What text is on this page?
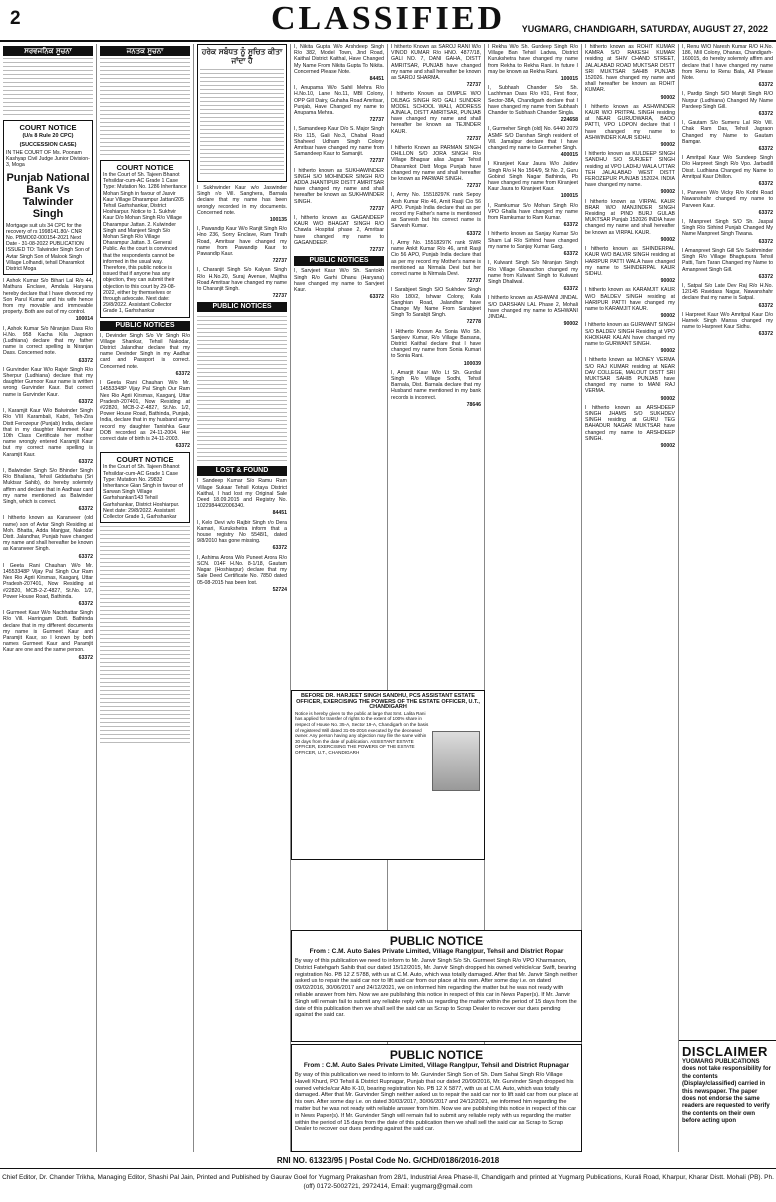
2	CLASSIFIED	YUGMARG, CHANDIGARH, SATURDAY, AUGUST 27, 2022
ਸਰਵਜਨਿਕ ਸੂਚਨਾ
COURT NOTICE
(U/s 8 Rule 20 CPC) (SUCCESSION CASE)
IN THE COURT OF Ms. Poonam Kashyap Civil Judge Junior Division-3, Moga
Punjab National Bank Vs Talwinder Singh
Mortgage suit u/s 34 CPC for the recovery of rs 1998141.80/- CNR No. PBMO02-000154-2021 Next Date - 31-08-2022 PUBLICATION ISSUED TO: Talwinder Singh Son of Avtar Singh Son of Malook Singh Village Lolhandi, tehsil Dharamkot District Moga
I Ashok Kumar S/o Bihari Lal R/o 44, Mathura Enclave, Amdala Haryana hereby declare that I have divorced my Son Parul Kumar and his wife hence from my movable and immovable property. Both are out of my control.
100014
I, Ashok Kumar S/o Niranjan Dass R/o H.No. 958 Kacha Kila Jagraon (Ludhiana) declare that my father name is correct spelling is Niranjan Dass. Concerned note.
63372
I Gurvinder Kaur W/o Rajvir Singh R/o Sherpur (Ludhiana) declare that my daughter Gurnoor Kaur name is written wrong Gurvinder Kaur. But correct name is Gurvinder Kaur.
63372
I, Karamjit Kaur W/o Balwinder Singh R/o VIII Karambali, Kabri, Teh-Zira Distt Ferozepur (Punjab) India, declare that in my daughter Manmeet Kaur 10th Class Certificate her mother name wrongly entered Karamjit Kaur but my correct name spelling is Karamjit Kaur.
63372
I, Balwinder Singh S/o Bhinder Singh R/o Bhaliana, Tehsil Giddarbaha (Sri Muktsar Sahib), do hereby solemnly affirm and declare that in Aadhaar card my name mentioned as Balwinder Singh, which is correct.
63372
I hitherto known as Karanveer (old name) son of Avtar Singh Residing at Moh. Bhatta, Adda Manjgar, Nakodar Distt. Jalandhar, Punjab have changed my name and shall hereafter be known as Karanveer Singh.
63372
I Geeta Rani Chauhan W/o Mr. 14553348P Vijay Pal Singh Our Ram Nex Rio Agrii Kirsmas, Kasganj, Uttar Pradesh-207401, Now Residing at #22820, MCB-2-Z-4827, St.No. 1/2, Power House Road, Bathinda.
63372
I Gurmeet Kaur W/o Nachhattar Singh R/o Vill. Harringam Distt. Bathinda declare that in my different documents my name is Gurmeet Kaur and Paramjit Kaur, so I known by both names Gurmeet Kaur and Paramjit Kaur are one and the same person.
63372
ਜਨਤਕ ਸੂਚਨਾ
COURT NOTICE
In the Court of Sh. Tajeen Bhanot Tehsildar-cum-AC Grade 1 Case Type: Mutation No. 1286 Inheritance Mohan Singh in favour of Jasvir Kaur Village Dharampur Jattan/205 Tehsil Garhshankar, District Hoshiarpur. Notice to 1. Sukhvir Kaur D/o Mohan Singh R/o Village Dharampur Jattan. 2. Kulwinder Singh and Manjeet Singh S/o Mohan Singh R/o Village Dharampur Jattan. 3. General Public. As the court is convinced that the respondents cannot be informed in the usual way. Therefore, this public notice is issued that if anyone has any objection, they can submit their objection to this court by 29-08-2022, either by themselves or through advocate. Next date: 29/8/2022. Assistant Collector Grade 1, Garhshankar
PUBLIC NOTICES
I, Devinder Singh S/o Vir Singh R/o Village Shankar, Tehsil Nakodar, District Jalandhar declare that my name Devinder Singh in my Aadhar card and Passport is correct. Concerned note.
63372
I Geeta Rani Chauhan W/o Mr. 14553348P Vijay Pal Singh Our Ram Nex Rio Agrii Kirsmas, Kasganj, Uttar Pradesh-207401, Now Residing at #22820, MCB-2-Z-4827, St.No. 1/2, Power House Road, Bathinda, Punjab, India, declare that in my husband army record my daughter Tanishka Gaur DOB recorded as 24-11-2004. Her correct date of birth is 24-11-2003.
63372
COURT NOTICE
In the Court of Sh. Tajeen Bhanot Tehsildar-cum-AC Grade 1 Case Type: Mutation No. 29832 Inheritance Gian Singh in favour of Sarwan Singh Village Garhshankar/143 Tehsil Garhshankar, District Hoshiarpur. Next date: 29/8/2022. Assistant Collector Grade 1, Garhshankar
ਹਰੇਕ ਸਬੰਧਤ ਨੂੰ ਸੂਚਿਤ ਕੀਤਾ ਜਾਂਦਾ ਹੈ
I Sukhwinder Kaur w/o Jaswinder Singh r/o Vill. Sanghera, Barnala declare that my name has been wrongly recorded in my documents. Concerned note.
100135
I, Pawandip Kaur W/o Ranjit Singh R/o Hno 236, Sorry Enclave, Ram Tirath Road, Amritsar have changed my name from Pawandip Kaur to Pawandip Kaur.
72737
I, Charanjit Singh S/o Kalyan Singh R/o H.No.20, Suraj Avenue, Majitha Road Amritsar have changed my name to Charanjit Singh.
72737
PUBLIC NOTICES
LOST & FOUND
I Sandeep Kumar S/o Ramu Ram Village Sukaar Tehsil Kotaya District Kaithal, I had lost my Original Sale Deed 18.09.2015 and Registry No. 1022984402006340.
84451
I, Kelo Devi w/o Rajbir Singh r/o Dera Kamari, Kurukshetra inform that a house registry No 5548/1, dated 9/8/2010 has gone missing.
63372
I, Ashima Arora W/o Puneet Arora R/o SCN. 014F H.No. 8-1/18, Gautam Nagar (Hoshiarpur) declare that my Sale Deed Certificate No. 7850 dated 05-08-2015 has been lost.
52724
I, Nikita Gupta W/o Arshdeep Singh R/o 382, Model Town, Jind Road, Kaithal District Kaithal, Have Changed My Name From Nikita Gupta To Nikita. Concerned Please Note.
84451
I, Anupama W/o Sahil Mehra R/o H.No.10, Lane No.11, MBI Colony, OPP Gill Dairy, Guhaha Road Amritsar, Punjab, Have Changed my name to Anupama Mehra.
72737
I, Samandeep Kaur D/o S. Major Singh R/o 115, Gali No.3, Chabal Road Shaheed Udham Singh Colony Amritsar have changed my name from Samandeep Kaur to Samanjit.
72737
I hitherto known as SUKHAWINDER SINGH S/O MOHINDER SINGH R/O ADDA JHANTIPUR DISTT AMRITSAR have changed my name and shall hereafter be known as SUKHWINDER SINGH.
72737
I, hitherto known as GAGANDEEP KAUR W/O BHAGAT SINGH R/O Chawla Hospital phase 2, Amritsar have changed my name to GAGANDEEP.
72737
PUBLIC NOTICES
I, Sarvjeet Kaur W/o Sh. Santokh Singh R/o Garhi Dhanu (Haryana) have changed my name to Sarvjeet Kaur.
63372
I hitherto Known as SAROJ RANI W/o VINOD KUMAR R/o HNO. 4877/18, GALI NO. 7, DANI GAHA, DISTT AMRITSAR, PUNJAB have changed my name and shall hereafter be known as SAROJ SHARMA.
72737
I hitherto Known as DIMPLE W/O DILBAG SINGH R/O GALI SUNDER MODEL SCHOOL WALI, ADDRESS AJNALA, DISTT AMRITSAR, PUNJAB have changed my name and shall hereafter be known as TEJINDER KAUR.
72737
I hitherto Known as PARMAN SINGH DHILLON S/O JORA SINGH R/o Village Bhagsar alias Jagsar Tehsil Dharamkot Distt Moga Punjab have changed my name and shall hereafter be known as PARWAR SINGH.
72737
I, Army No. 15518297K rank Sepoy Arsh Kumar Rio 46, Arnit Rasji Cio 56 APO. Punjab India declare that as per record my Father's name is mentioned as Sarvesh but his correct name is Sarvesh Kumar.
63372
I, Army No. 15518297K rank SWR name Ankit Kumar R/o 46, arnit Rasji Cio 56 APO, Punjab India declare that as per my record my Mother's name is mentioned as Nirmala Devi but her correct name is Nirmala Devi.
72737
I Sarabjeet Singh S/O Sukhdev Singh R/o 180/2, Ishwar Colony, Kala Sanghian Road, Jalandhar have Change My Name From Sarabjeet Singh To Sarabjit Singh.
72778
I Hitherto Known As Sonia W/o Sh. Sanjeev Kumar, R/o Village Barsana, District Kaithal declare that I have changed my name from Sonia Kumari to Sonia Rani.
100039
I, Amarjit Kaur W/o Lt Sh. Gurdial Singh R/o Village Sodhi, Tehsil Barnala, Dist. Barnala declare that my Husband name mentioned in my bank records is incorrect.
78646
I Rekha W/o Sh. Gurdeep Singh R/o Village Ban Tehsil Ladwa, District Kurukshetra have changed my name from Rekha to Rekha Rani. In future I may be known as Rekha Rani.
100015
I, Subhash Chander S/o Sh. Lachhman Dass R/o #31, First floor, Sector-38A, Chandigarh declare that I have changed my name from Subhash Chander to Subhash Chander Singla.
224658
I, Gurmeher Singh (old) No. 6440 2079 ASMF S/O Darshan Singh resident of Vill. Jamalpur declare that I have changed my name to Gurmeher Singh.
400015
I Kiranjeet Kaur Jaura W/o Jaidev Singh R/o H No 1564/9, St No. 2, Guru Gobind Singh Nagar Bathinda, Pb have changed my name from Kiranjeet Kaur Jaura to Kiranjeet Kaur.
100015
I, Ramkumar S/o Mohan Singh R/o VPO Ghalla have changed my name from Ramkumar to Ram Kumar.
63372
I hitherto known as Sanjay Kumar S/o Sham Lal R/o Sirhind have changed my name to Sanjay Kumar Garg.
63372
I, Kulwant Singh S/o Niranjan Singh R/o Village Gharachon changed my name from Kulwant Singh to Kulwant Singh Dhaliwal.
63372
I hitherto known as ASHWANI JINDAL S/O DARSHAN LAL Phase 2, Mohali have changed my name to ASHWANI JINDAL.
90002
I hitherto known as ROHIT KUMAR KAMRA S/O RAKESH KUMAR residing at SHIV CHAND STREET, JALALABAD ROAD MUKTSAR DISTT SRI MUKTSAR SAHIB PUNJAB 152026. have changed my name and shall hereafter be known as ROHIT KUMAR.
90002
I hitherto known as ASHWINDER KAUR W/O PRITPAL SINGH residing at NEAR GURUDWARA, BADO PATTI, VPO LOPON declare that I have changed my name to ASHWINDER KAUR SIDHU.
90002
I hitherto known as KULDEEP SINGH SANDHU S/O SURJEET SINGH residing at VPO LADHU WALA UTTAR TEH JALALABAD WEST DISTT FEROZEPUR PUNJAB 152024. INDIA have changed my name.
90002
I hitherto known as VIRPAL KAUR BRAR W/O MANJINDER SINGH Residing at PIND BURJ GULAB MUKTSAR Punjab 152026 INDIA have changed my name and shall hereafter be known as VIRPAL KAUR.
90002
I hitherto known as SHINDERPAL KAUR W/O BALVIR SINGH residing at HARIPUR PATTI WALA have changed my name to SHINDERPAL KAUR SIDHU.
90002
I hitherto known as KARAMJIT KAUR W/O BALDEV SINGH residing at HARIPUR PATTI have changed my name to KARAMJIT KAUR.
90002
I hitherto known as GURWANT SINGH S/O BALDEV SINGH Residing at VPO KHOKHAR KALAN have changed my name to GURWANT SINGH.
90002
I hitherto known as MONEY VERMA S/O RAJ KUMAR residing at NEAR DAV COLLEGE, MALOUT DISTT SRI MUKTSAR SAHIB PUNJAB have changed my name to MANI RAJ VERMA.
90002
I hitherto known as ARSHDEEP SINGH JHAMS S/O SUKHDEV SINGH residing at GURU TEG BAHADUR NAGAR MUKTSAR have changed my name to ARSHDEEP SINGH.
90002
I, Renu W/O Naresh Kumar R/O H.No. 186, Mill Colony, Dhanas, Chandigarh-160015, do hereby solemnly affirm and declare that I have changed my name from Renu to Renu Bala, All Please Note.
63372
I, Pardip Singh S/O Manjit Singh R/O Nurpur (Ludhiana) Changed My Name Pardeep Singh Gill.
63372
I, Gautam S/o Sumeru Lal R/o Vill. Chak Ram Das, Tehsil Jagraon Changed my Name to Gautam Bamgar.
63372
I Amritpal Kaur W/o Sundeep Singh D/o Harpreet Singh R/o Vpo. Jarbadill Disst. Ludhiana Changed my Name to Amritpal Kaur Dhillon.
63372
I, Parveen W/o Vicky R/o Kothi Road Nawanshahr changed my name to Parveen Kaur.
63372
I, Manpreet Singh S/O Sh. Jaspal Singh R/o Sirhind Punjab Changed My Name Manpreet Singh Tiwana.
63372
I Amanpreet Singh Gill S/o Sukhminder Singh R/o Village Bhagtupura Tehsil Patti, Tarn Taran Changed my Name to Amanpreet Singh Gill.
63372
I, Satpal S/o Late Dev Raj R/o H.No. 12/145 Ravidass Nagar, Nawanshahr declare that my name is Satpal.
63372
I Harpreet Kaur W/o Amritpal Kaur D/o Harnek Singh Mansa changed my name to Harpreet Kaur Sidhu.
63372
BEFORE DR. HARJEET SINGH SANDHU, PCS ASSISTANT ESTATE OFFICER, EXERCISING THE POWERS OF THE ESTATE OFFICER, U.T., CHANDIGARH
Notice is hereby given to the public at large that Smt. Lalita Rani has applied for transfer of rights to the extent of 100% share in respect of House No. 35-A, Sector 19-A, Chandigarh on the basis of registered Will dated 31-05-2016 executed by the deceased owner. Any person having any objection may file the same within 30 days from the date of publication. ASSISTANT ESTATE OFFICER, EXERCISING THE POWERS OF THE ESTATE OFFICER, U.T., CHANDIGARH
PUBLIC NOTICE
From : C.M. Auto Sales Private Limited, Village Ranglpur, Tehsil and District Ropar
By way of this publication we need to inform to Mr. Janvir Singh S/o Sh. Gurmeet Singh R/o VPO Kharmanon, District Fatehgarh Sahib that our dated 15/12/2015, Mr. Janvir Singh dropped his owned vehicle/car Swift, bearing registration No. PB 12 Z 5788, with us at C.M. Auto, which was totally damaged. After that Mr. Janvir Singh neither asked us to repair the said car nor to lift said car from our place at his own. After some day i.e. on dated 09/02/2016, 30/06/2017 and 24/12/2021, we on informed him regarding the matter but he was not ready with reliable answer from him. Now we are publishing this notice in respect of this car in News Paper(s). If Mr. Janvir Singh will remain fail to submit any reliable reply with us regarding the matter within the period of 15 days from the date of this publication then we shall sell the said car as Scrap to Scrap Dealer to recover our dues pending against the said car.
PUBLIC NOTICE
From : C.M. Auto Sales Private Limited, Village Ranglpur, Tehsil and District Rupnagar
By way of this publication we need to inform to Mr. Gurvinder Singh Son of Sh. Dam Sahai Singh R/o Village Haveli Khurd, PO Tehsil & District Rupnagar, Punjab that our dated 20/09/2016, Mr. Gurvinder Singh dropped his owned vehicle/car Alto K-10, bearing registration No. PB 12 X 5877, with us at C.M. Auto, which was totally damaged. After that Mr. Gurvinder Singh neither asked us to repair the said car nor to lift said car from our place at his own. After some day i.e. on dated 30/03/2017, 30/06/2017 and 24/12/2021, we informed him regarding the matter but he was not ready with reliable answer from him. Now we are publishing this notice in respect of this car in News Paper(s). If Mr. Gurvinder Singh will remain fail to submit any reliable reply with us regarding the matter within the period of 15 days from the date of this publication then we shall sell the said car as Scrap to Scrap Dealer to recover our dues pending against the said car.
DISCLAIMER
YUGMARG PUBLICATIONS does not take responsibility for the contents (Display/classified) carried in this newspaper. The paper does not endorse the same readers are requested to verify the contents on their own before acting upon
RNI NO. 61323/95 | Postal Code No. G/CHD/0186/2016-2018
Chief Editor, Dr. Chander Trikha, Managing Editor, Shashi Pal Jain, Printed and Published by Gaurav Goel for Yugmarg Prakashan from 28/1, Industrial Area Phase-II, Chandigarh and printed at Yugmarg Publications, Kurali Road, Kharpur, Kharar Distt. Mohali (PB). Ph.(off) 0172-5002721, 2972414, Email: yugmarg@gmail.com
